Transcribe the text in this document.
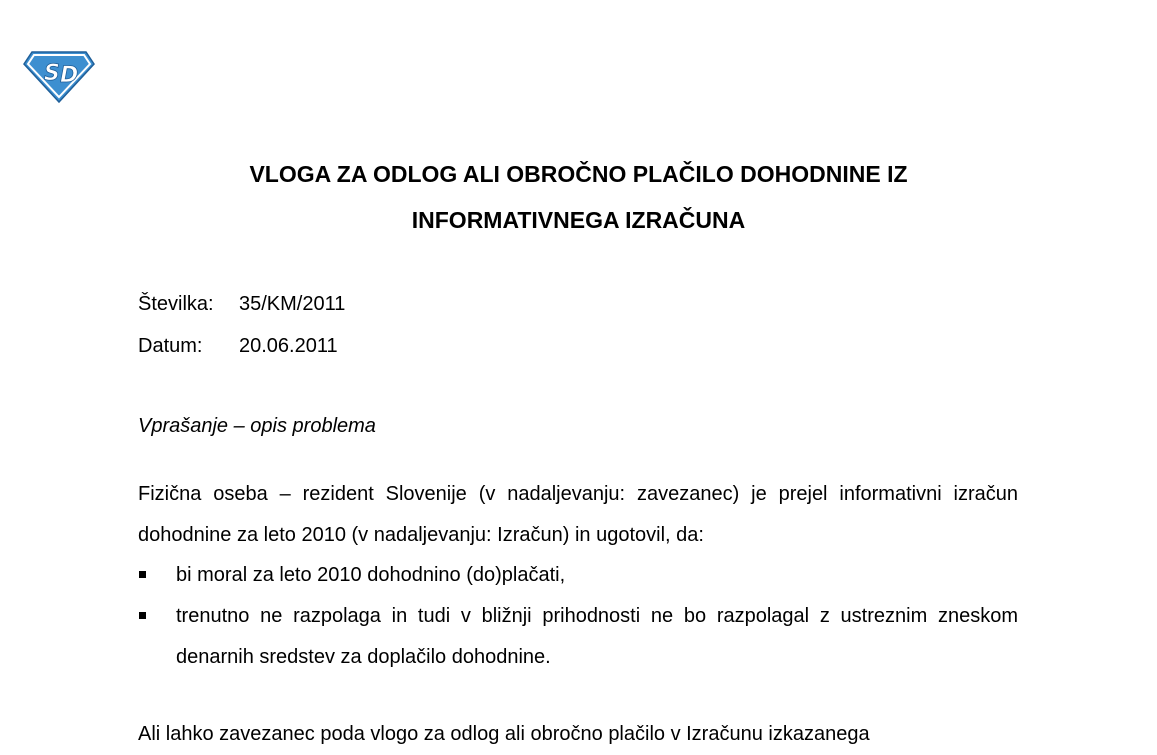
S D
VLOGA ZA ODLOG ALI OBROČNO PLAČILO DOHODNINE IZ
INFORMATIVNEGA IZRAČUNA
Številka: 35/KM/2011
Datum: 20.06.2011
Vprašanje – opis problema

Fizična oseba – rezident Slovenije (v nadaljevanju: zavezanec) je prejel informativni izračun dohodnine za leto 2010 (v nadaljevanju: Izračun) in ugotovil, da:

bi moral za leto 2010 dohodnino (do)plačati,
trenutno ne razpolaga in tudi v bližnji prihodnosti ne bo razpolagal z ustreznim zneskom denarnih sredstev za doplačilo dohodnine.

Ali lahko zavezanec poda vlogo za odlog ali obročno plačilo v Izračunu izkazanega
